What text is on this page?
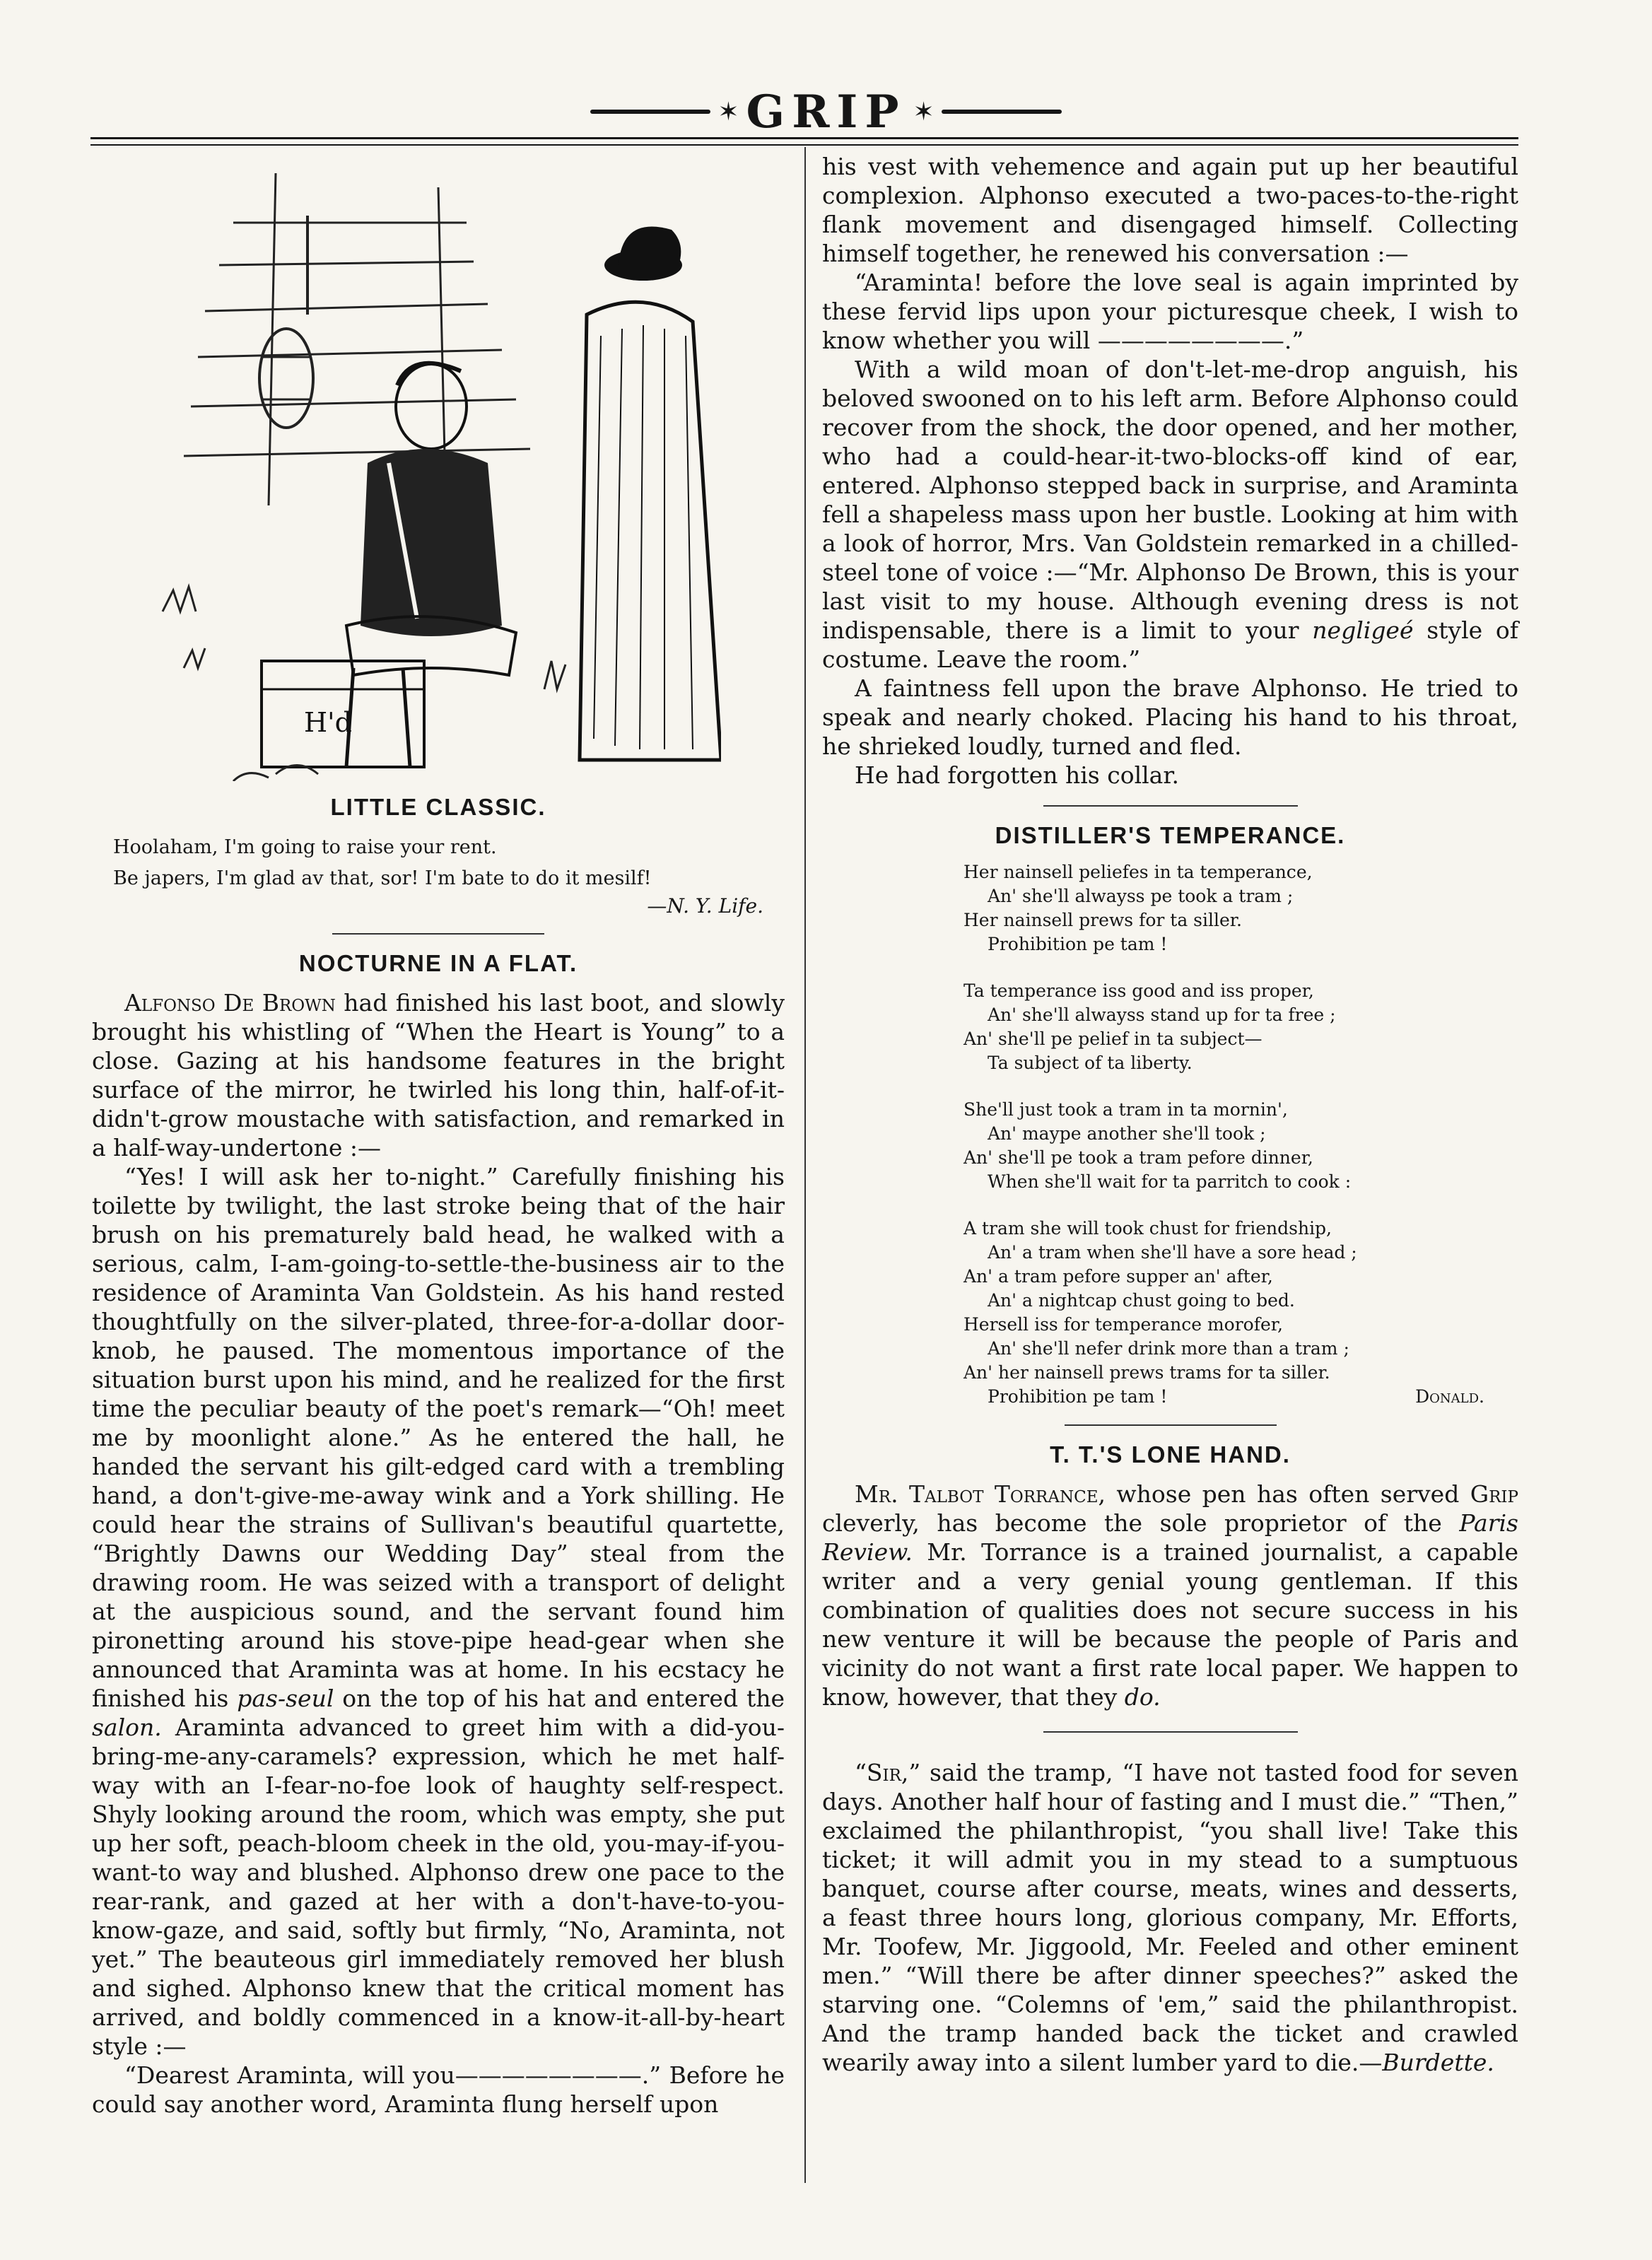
✶ GRIP ✶
H'd
LITTLE CLASSIC.
Hoolaham, I'm going to raise your rent.
Be japers, I'm glad av that, sor! I'm bate to do it mesilf!
—N. Y. Life.
NOCTURNE IN A FLAT.

Alfonso De Brown had finished his last boot, and slowly brought his whistling of “When the Heart is Young” to a close. Gazing at his handsome features in the bright surface of the mirror, he twirled his long thin, half-of-it-didn't-grow moustache with satisfaction, and remarked in a half-way-undertone :—

“Yes! I will ask her to-night.” Carefully finishing his toilette by twilight, the last stroke being that of the hair brush on his prematurely bald head, he walked with a serious, calm, I-am-going-to-settle-the-business air to the residence of Araminta Van Goldstein. As his hand rested thoughtfully on the silver-plated, three-for-a-dollar door-knob, he paused. The momentous importance of the situation burst upon his mind, and he realized for the first time the peculiar beauty of the poet's remark—“Oh! meet me by moonlight alone.” As he entered the hall, he handed the servant his gilt-edged card with a trembling hand, a don't-give-me-away wink and a York shilling. He could hear the strains of Sullivan's beautiful quartette, “Brightly Dawns our Wedding Day” steal from the drawing room. He was seized with a transport of delight at the auspicious sound, and the servant found him pironetting around his stove-pipe head-gear when she announced that Araminta was at home. In his ecstacy he finished his pas-seul on the top of his hat and entered the salon. Araminta advanced to greet him with a did-you-bring-me-any-caramels? expression, which he met half-way with an I-fear-no-foe look of haughty self-respect. Shyly looking around the room, which was empty, she put up her soft, peach-bloom cheek in the old, you-may-if-you-want-to way and blushed. Alphonso drew one pace to the rear-rank, and gazed at her with a don't-have-to-you-know-gaze, and said, softly but firmly, “No, Araminta, not yet.” The beauteous girl immediately removed her blush and sighed. Alphonso knew that the critical moment has arrived, and boldly commenced in a know-it-all-by-heart style :—

“Dearest Araminta, will you————————.” Before he could say another word, Araminta flung herself upon

his vest with vehemence and again put up her beautiful complexion. Alphonso executed a two-paces-to-the-right flank movement and disengaged himself. Collecting himself together, he renewed his conversation :—

“Araminta! before the love seal is again imprinted by these fervid lips upon your picturesque cheek, I wish to know whether you will ————————.”

With a wild moan of don't-let-me-drop anguish, his beloved swooned on to his left arm. Before Alphonso could recover from the shock, the door opened, and her mother, who had a could-hear-it-two-blocks-off kind of ear, entered. Alphonso stepped back in surprise, and Araminta fell a shapeless mass upon her bustle. Looking at him with a look of horror, Mrs. Van Goldstein remarked in a chilled-steel tone of voice :—“Mr. Alphonso De Brown, this is your last visit to my house. Although evening dress is not indispensable, there is a limit to your negligeé style of costume. Leave the room.”

A faintness fell upon the brave Alphonso. He tried to speak and nearly choked. Placing his hand to his throat, he shrieked loudly, turned and fled.

He had forgotten his collar.

DISTILLER'S TEMPERANCE.
Her nainsell peliefes in ta temperance,
An' she'll alwayss pe took a tram ;
Her nainsell prews for ta siller.
Prohibition pe tam !
Ta temperance iss good and iss proper,
An' she'll alwayss stand up for ta free ;
An' she'll pe pelief in ta subject—
Ta subject of ta liberty.
She'll just took a tram in ta mornin',
An' maype another she'll took ;
An' she'll pe took a tram pefore dinner,
When she'll wait for ta parritch to cook :
A tram she will took chust for friendship,
An' a tram when she'll have a sore head ;
An' a tram pefore supper an' after,
An' a nightcap chust going to bed.
Hersell iss for temperance morofer,
An' she'll nefer drink more than a tram ;
An' her nainsell prews trams for ta siller.
Prohibition pe tam !	Donald.
T. T.'S LONE HAND.

Mr. Talbot Torrance, whose pen has often served Grip cleverly, has become the sole proprietor of the Paris Review. Mr. Torrance is a trained journalist, a capable writer and a very genial young gentleman. If this combination of qualities does not secure success in his new venture it will be because the people of Paris and vicinity do not want a first rate local paper. We happen to know, however, that they do.

“Sir,” said the tramp, “I have not tasted food for seven days. Another half hour of fasting and I must die.” “Then,” exclaimed the philanthropist, “you shall live! Take this ticket; it will admit you in my stead to a sumptuous banquet, course after course, meats, wines and desserts, a feast three hours long, glorious company, Mr. Efforts, Mr. Toofew, Mr. Jiggoold, Mr. Feeled and other eminent men.” “Will there be after dinner speeches?” asked the starving one. “Colemns of 'em,” said the philanthropist. And the tramp handed back the ticket and crawled wearily away into a silent lumber yard to die.—Burdette.
